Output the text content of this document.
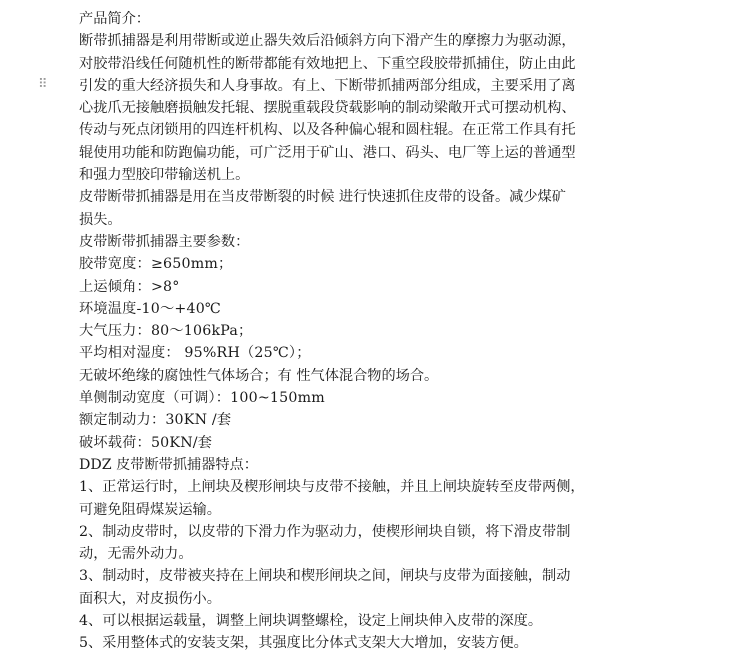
⠿
产品简介：
断带抓捕器是利用带断或逆止器失效后沿倾斜方向下滑产生的摩擦力为驱动源，
对胶带沿线任何随机性的断带都能有效地把上、下重空段胶带抓捕住，防止由此
引发的重大经济损失和人身事故。有上、下断带抓捕两部分组成，主要采用了离
心拢爪无接触磨损触发托辊、摆脱重载段贷载影响的制动梁敞开式可摆动机构、
传动与死点闭锁用的四连杆机构、以及各种偏心辊和圆柱辊。在正常工作具有托
辊使用功能和防跑偏功能，可广泛用于矿山、港口、码头、电厂等上运的普通型
和强力型胶印带输送机上。
皮带断带抓捕器是用在当皮带断裂的时候 进行快速抓住皮带的设备。减少煤矿
损失。
皮带断带抓捕器主要参数：
胶带宽度：≥650mm；
上运倾角：>8°
环境温度-10～+40℃
大气压力：80～106kPa；
平均相对湿度： 95%RH（25℃）；
无破坏绝缘的腐蚀性气体场合；有 性气体混合物的场合。
单侧制动宽度（可调）：100~150mm
额定制动力：30KN /套
破坏载荷：50KN/套
DDZ 皮带断带抓捕器特点：
1、正常运行时，上闸块及楔形闸块与皮带不接触，并且上闸块旋转至皮带两侧，
可避免阻碍煤炭运输。
2、制动皮带时，以皮带的下滑力作为驱动力，使楔形闸块自锁，将下滑皮带制
动，无需外动力。
3、制动时，皮带被夹持在上闸块和楔形闸块之间，闸块与皮带为面接触，制动
面积大，对皮损伤小。
4、可以根据运载量，调整上闸块调整螺栓，设定上闸块伸入皮带的深度。
5、采用整体式的安装支架，其强度比分体式支架大大增加，安装方便。
